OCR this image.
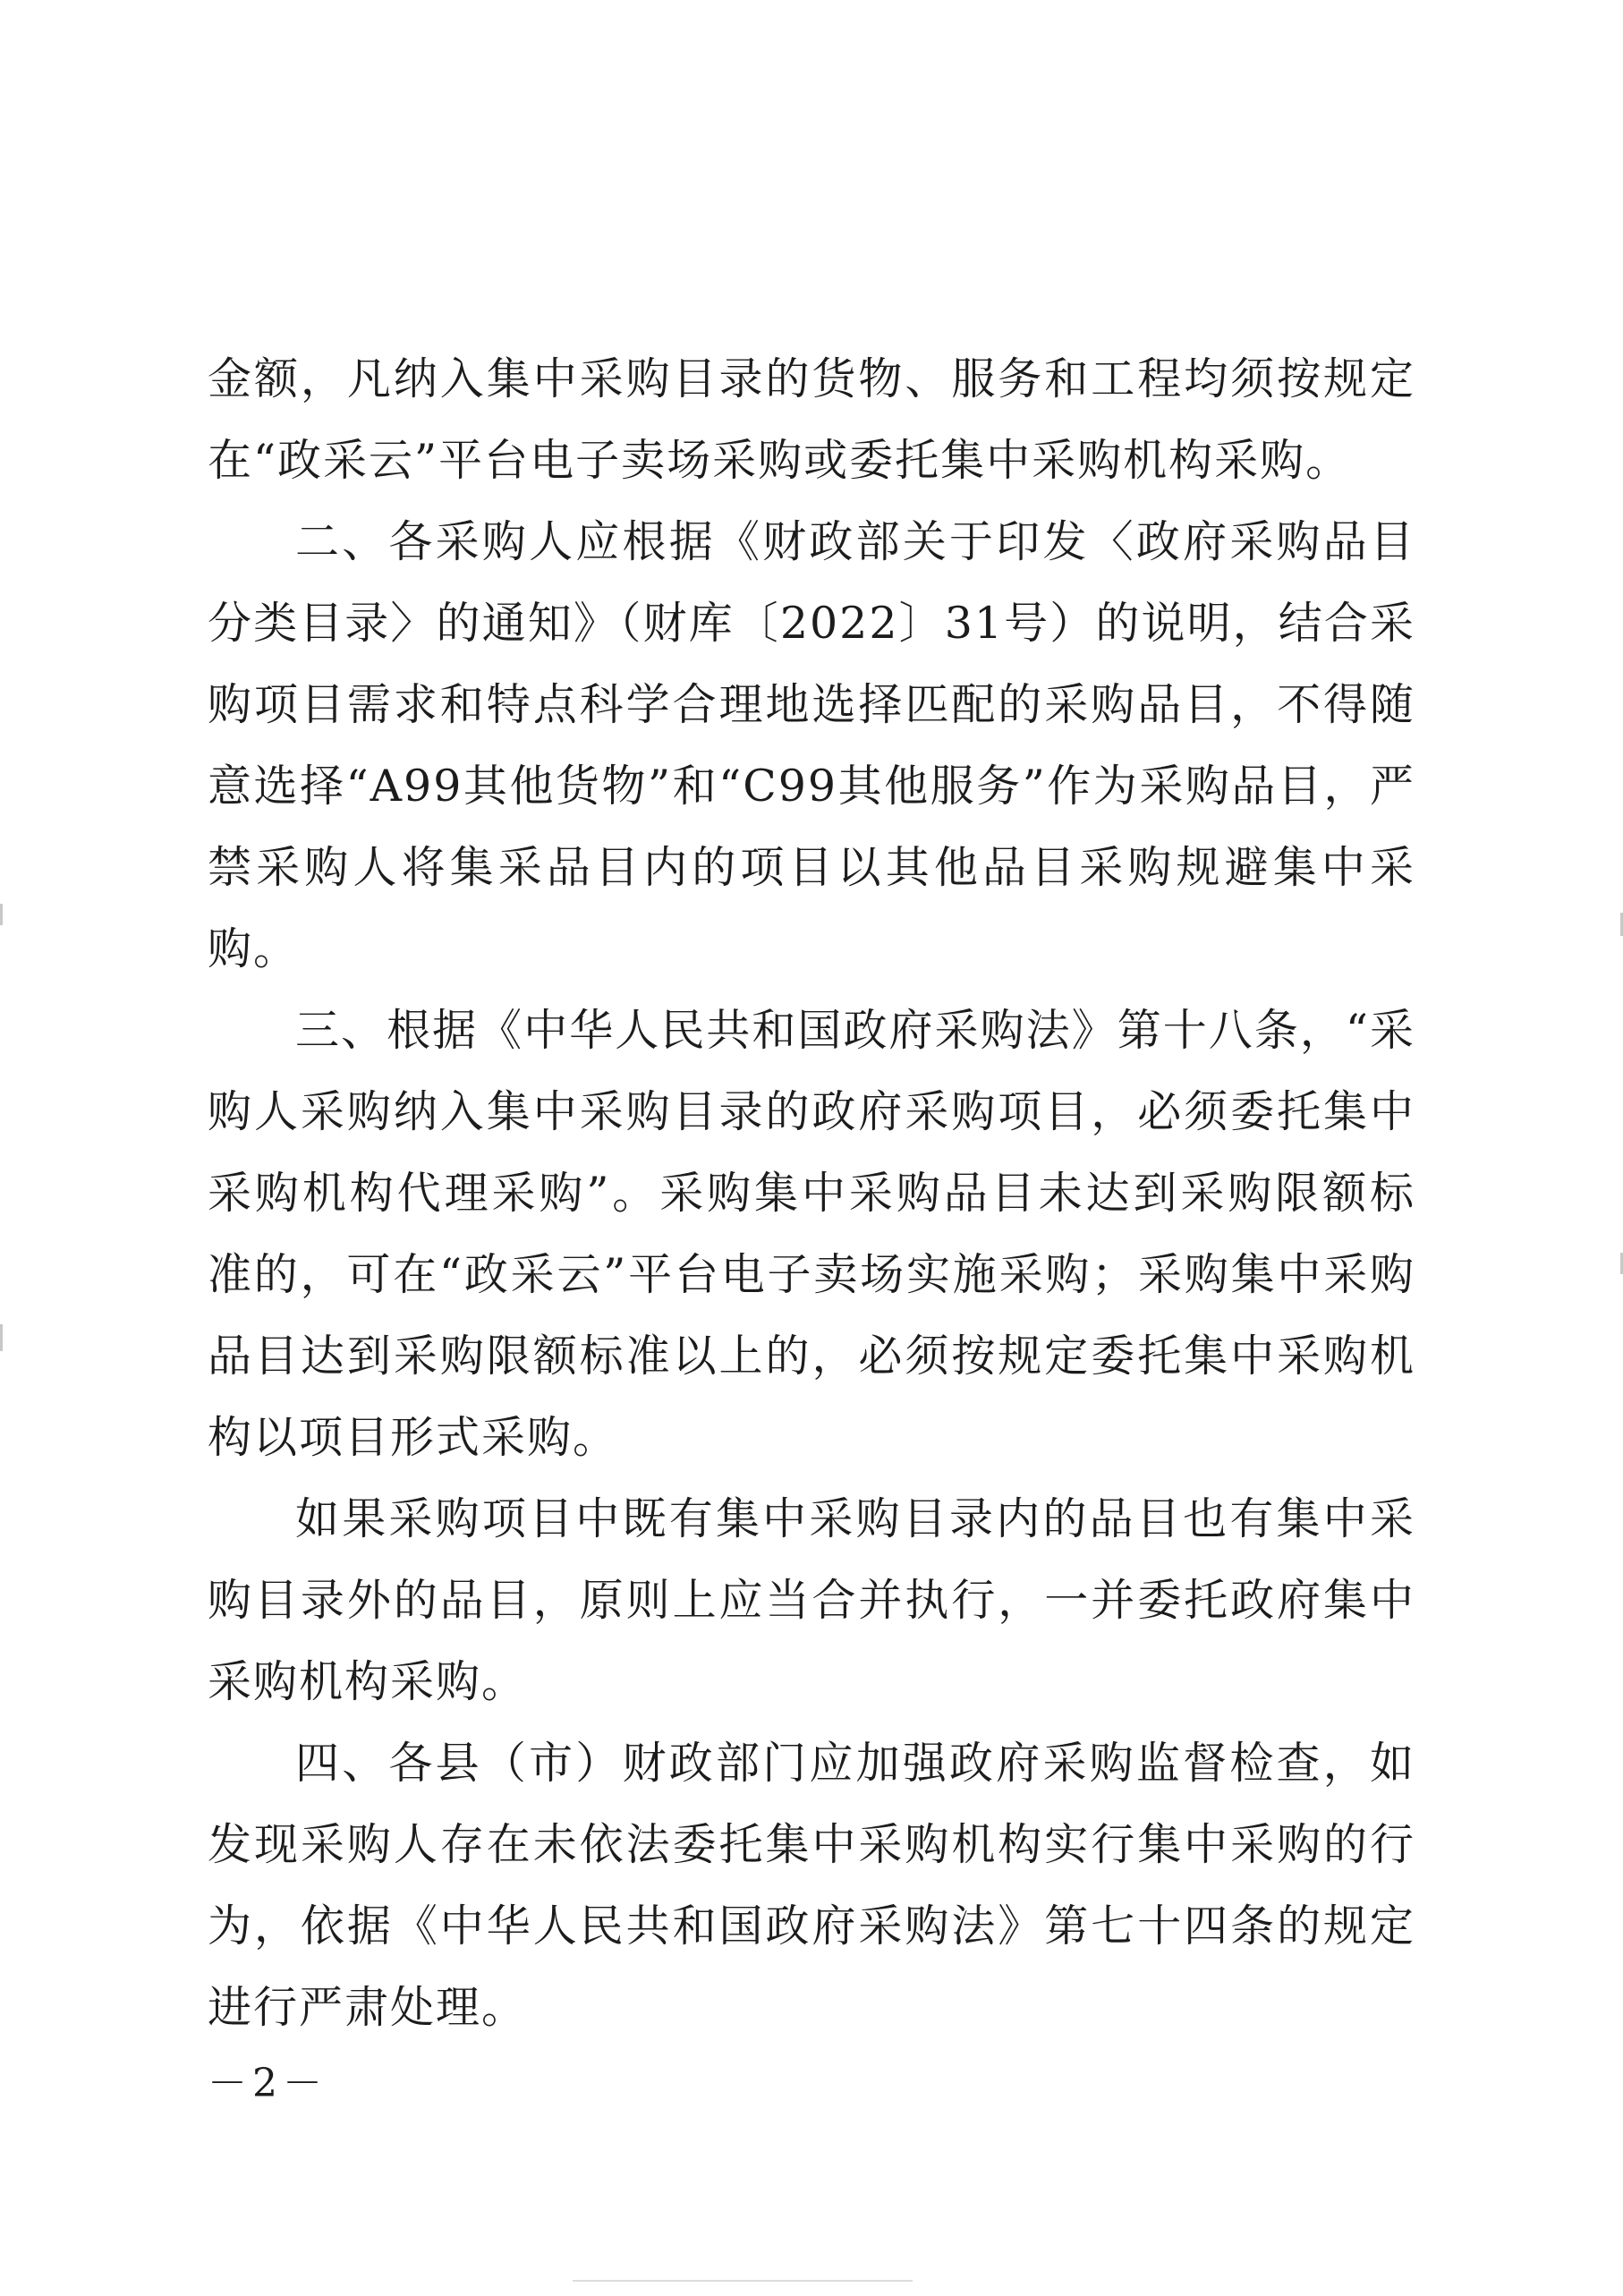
金额，凡纳入集中采购目录的货物、服务和工程均须按规定在“政采云”平台电子卖场采购或委托集中采购机构采购。

二、各采购人应根据《财政部关于印发〈政府采购品目分类目录〉的通知》（财库〔2022〕31号）的说明，结合采购项目需求和特点科学合理地选择匹配的采购品目，不得随意选择“A99其他货物”和“C99其他服务”作为采购品目，严禁采购人将集采品目内的项目以其他品目采购规避集中采购。

三、根据《中华人民共和国政府采购法》第十八条，“采购人采购纳入集中采购目录的政府采购项目，必须委托集中采购机构代理采购”。采购集中采购品目未达到采购限额标准的，可在“政采云”平台电子卖场实施采购；采购集中采购品目达到采购限额标准以上的，必须按规定委托集中采购机构以项目形式采购。

如果采购项目中既有集中采购目录内的品目也有集中采购目录外的品目，原则上应当合并执行，一并委托政府集中采购机构采购。

四、各县（市）财政部门应加强政府采购监督检查，如发现采购人存在未依法委托集中采购机构实行集中采购的行为，依据《中华人民共和国政府采购法》第七十四条的规定进行严肃处理。

－2－
